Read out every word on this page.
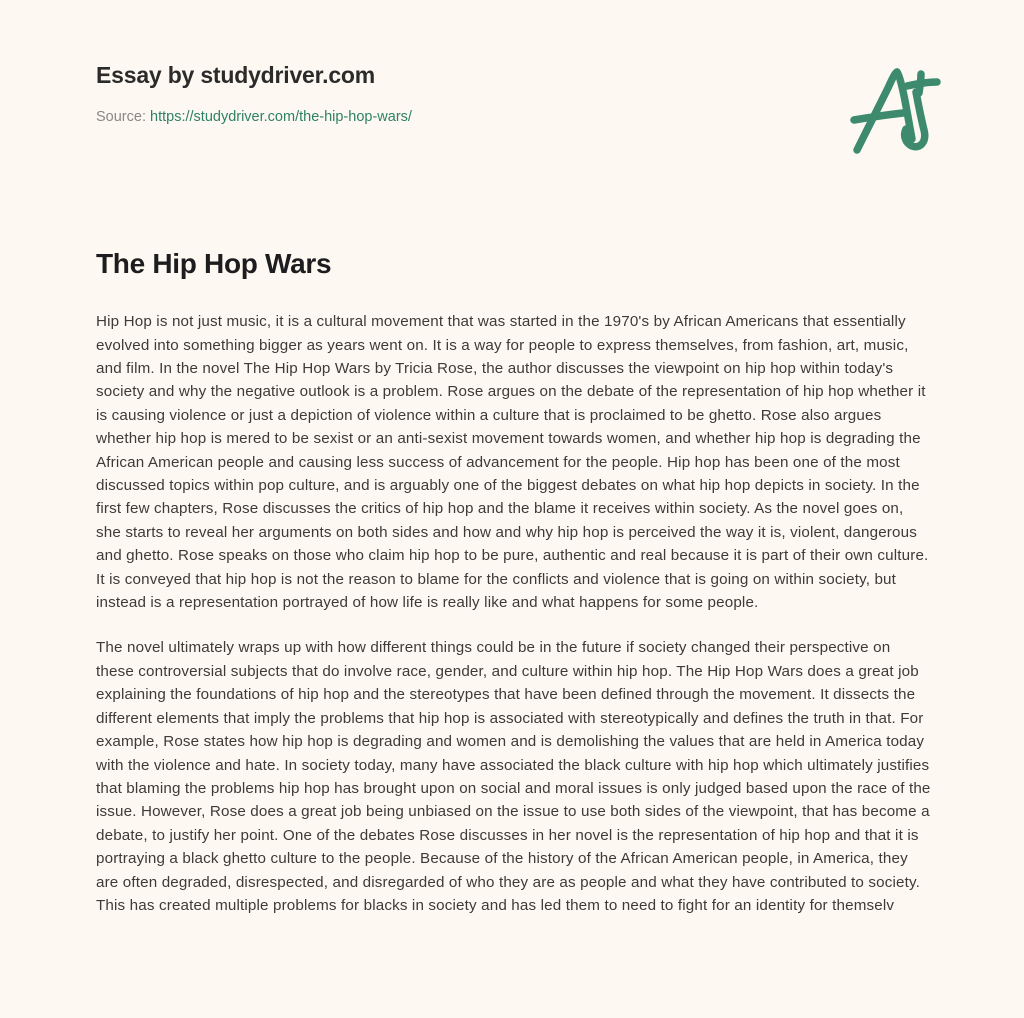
Essay by studydriver.com
Source: https://studydriver.com/the-hip-hop-wars/
The Hip Hop Wars

Hip Hop is not just music, it is a cultural movement that was started in the 1970's by African Americans that essentially evolved into something bigger as years went on. It is a way for people to express themselves, from fashion, art, music, and film. In the novel The Hip Hop Wars by Tricia Rose, the author discusses the viewpoint on hip hop within today's society and why the negative outlook is a problem. Rose argues on the debate of the representation of hip hop whether it is causing violence or just a depiction of violence within a culture that is proclaimed to be ghetto. Rose also argues whether hip hop is mered to be sexist or an anti-sexist movement towards women, and whether hip hop is degrading the African American people and causing less success of advancement for the people. Hip hop has been one of the most discussed topics within pop culture, and is arguably one of the biggest debates on what hip hop depicts in society. In the first few chapters, Rose discusses the critics of hip hop and the blame it receives within society. As the novel goes on, she starts to reveal her arguments on both sides and how and why hip hop is perceived the way it is, violent, dangerous and ghetto. Rose speaks on those who claim hip hop to be pure, authentic and real because it is part of their own culture. It is conveyed that hip hop is not the reason to blame for the conflicts and violence that is going on within society, but instead is a representation portrayed of how life is really like and what happens for some people.

The novel ultimately wraps up with how different things could be in the future if society changed their perspective on these controversial subjects that do involve race, gender, and culture within hip hop. The Hip Hop Wars does a great job explaining the foundations of hip hop and the stereotypes that have been defined through the movement. It dissects the different elements that imply the problems that hip hop is associated with stereotypically and defines the truth in that. For example, Rose states how hip hop is degrading and women and is demolishing the values that are held in America today with the violence and hate. In society today, many have associated the black culture with hip hop which ultimately justifies that blaming the problems hip hop has brought upon on social and moral issues is only judged based upon the race of the issue. However, Rose does a great job being unbiased on the issue to use both sides of the viewpoint, that has become a debate, to justify her point. One of the debates Rose discusses in her novel is the representation of hip hop and that it is portraying a black ghetto culture to the people. Because of the history of the African American people, in America, they are often degraded, disrespected, and disregarded of who they are as people and what they have contributed to society. This has created multiple problems for blacks in society and has led them to need to fight for an identity for themselv
